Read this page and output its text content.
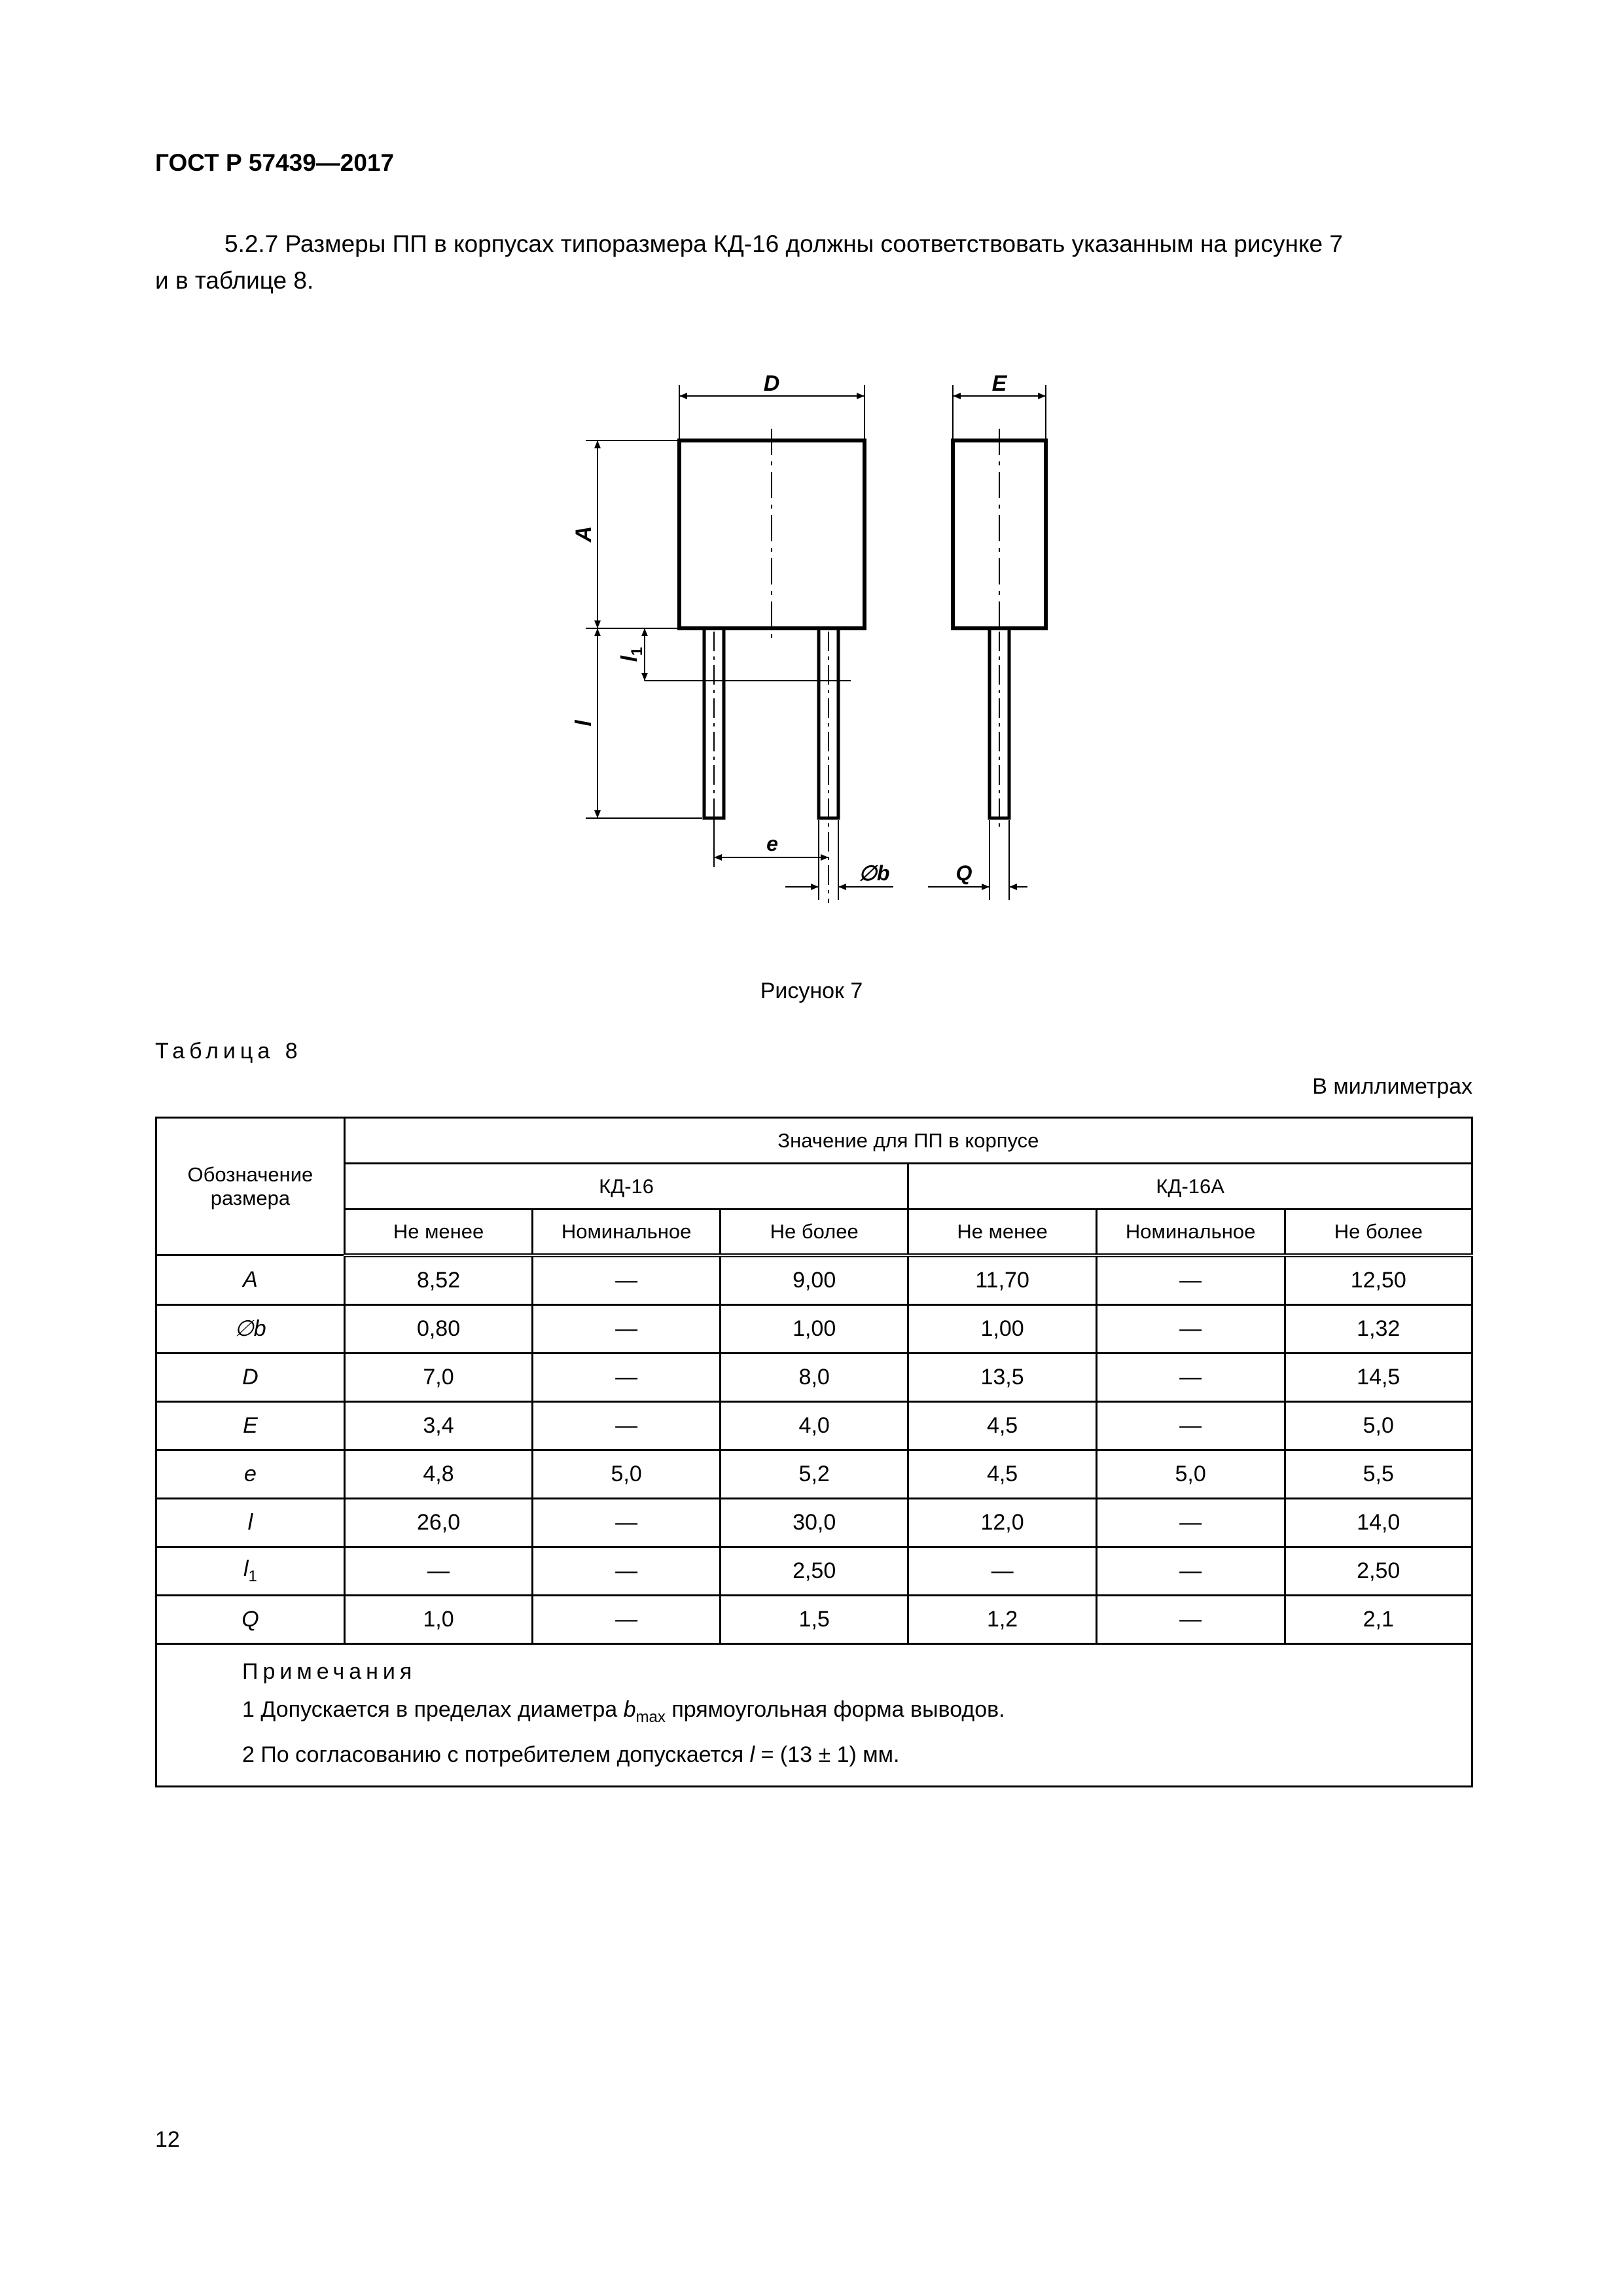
ГОСТ Р 57439—2017
5.2.7 Размеры ПП в корпусах типоразмера КД-16 должны соответствовать указанным на рисунке 7
и в таблице 8.
D
A
l
$l_1$
e
∅b
E
Q
Рисунок 7
Таблица 8
В миллиметрах
Обозначение размера	Значение для ПП в корпусе					
	КД-16			КД-16А		
	Не менее	Номинальное	Не более	Не менее	Номинальное	Не более
A	8,52	—	9,00	11,70	—	12,50
∅b	0,80	—	1,00	1,00	—	1,32
D	7,0	—	8,0	13,5	—	14,5
E	3,4	—	4,0	4,5	—	5,0
e	4,8	5,0	5,2	4,5	5,0	5,5
l	26,0	—	30,0	12,0	—	14,0
$l_1$	—	—	2,50	—	—	2,50
Q	1,0	—	1,5	1,2	—	2,1

Примечания
1 Допускается в пределах диаметра $b_{max}$ прямоугольная форма выводов.
2 По согласованию с потребителем допускается l = (13 ± 1) мм.						
12
